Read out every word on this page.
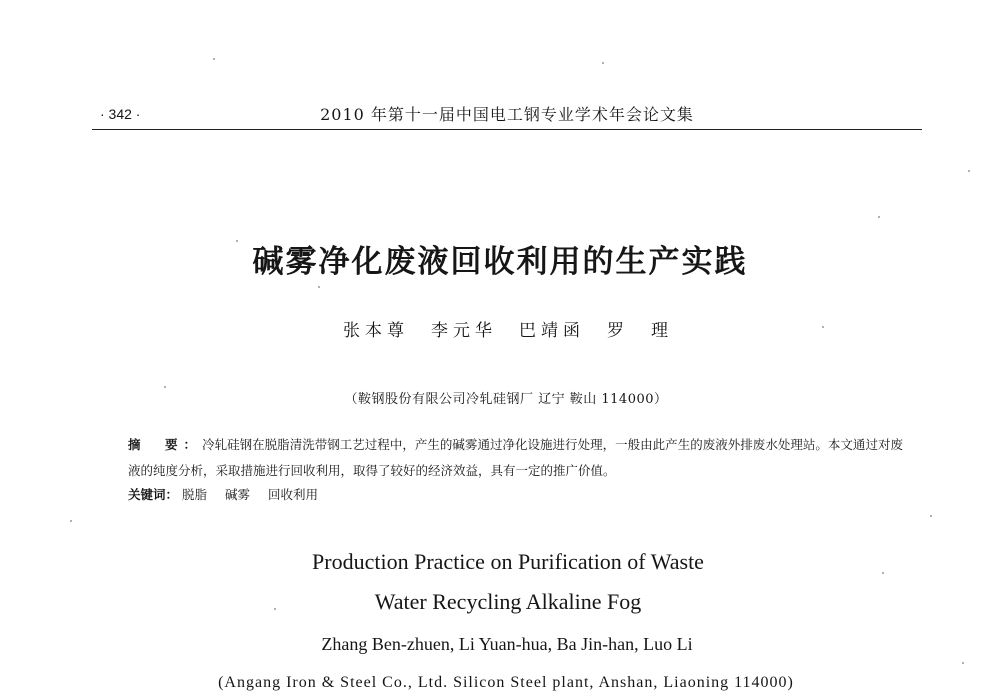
· 342 ·	2010 年第十一届中国电工钢专业学术年会论文集
碱雾净化废液回收利用的生产实践
张本尊　李元华　巴靖函　罗　理
（鞍钢股份有限公司冷轧硅钢厂 辽宁 鞍山 114000）
摘　要：冷轧硅钢在脱脂清洗带钢工艺过程中，产生的碱雾通过净化设施进行处理，一般由此产生的废液外排废水处理站。本文通过对废液的纯度分析，采取措施进行回收利用，取得了较好的经济效益，具有一定的推广价值。
关键词： 脱脂 碱雾 回收利用
Production Practice on Purification of Waste
Water Recycling Alkaline Fog
Zhang Ben-zhuen, Li Yuan-hua, Ba Jin-han, Luo Li
(Angang Iron & Steel Co., Ltd. Silicon Steel plant, Anshan, Liaoning 114000)
